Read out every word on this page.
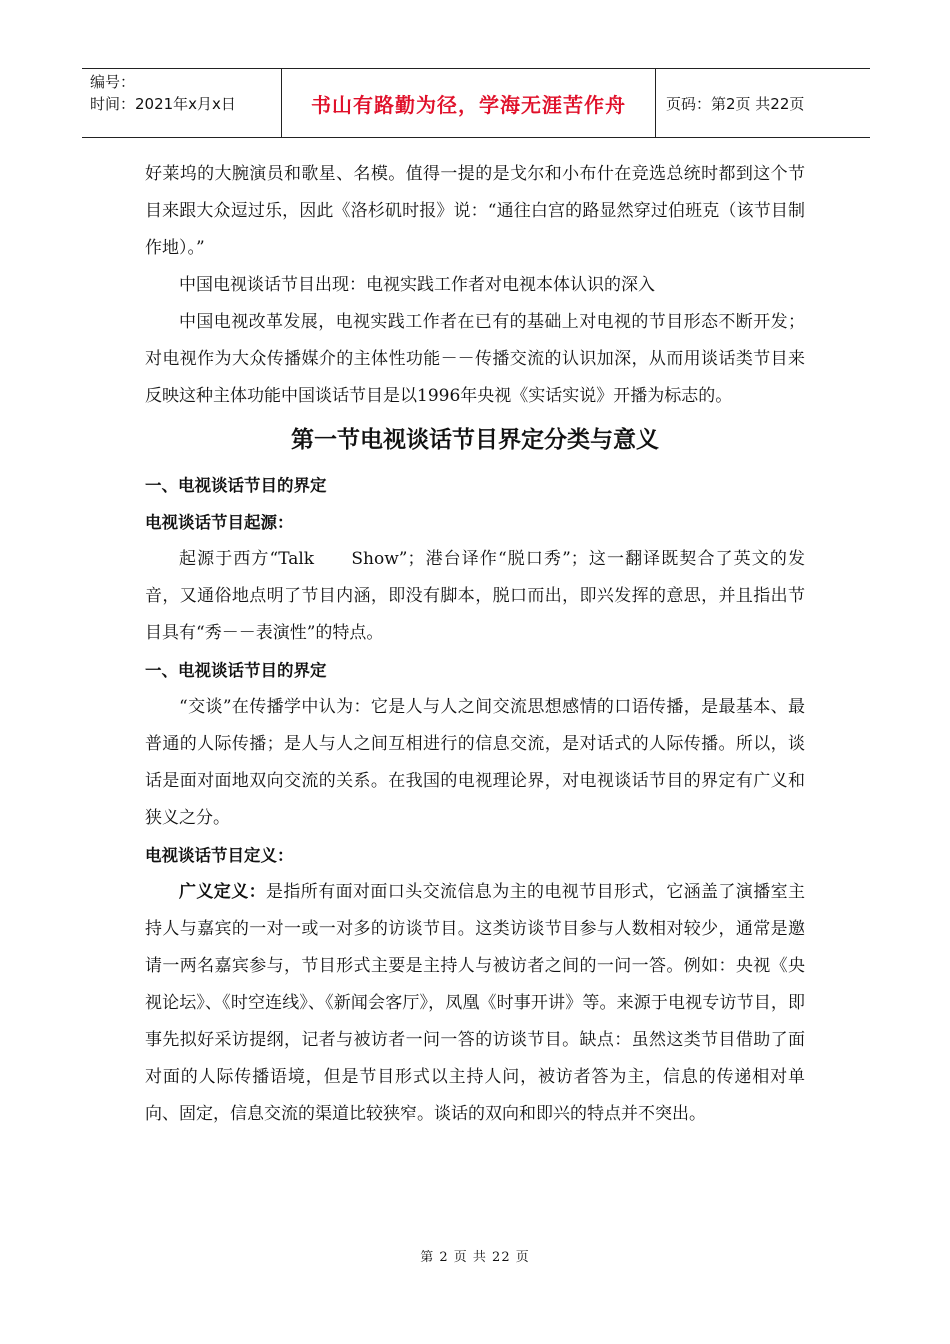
编号：
时间：2021年x月x日	书山有路勤为径，学海无涯苦作舟	页码：第2页 共22页

好莱坞的大腕演员和歌星、名模。值得一提的是戈尔和小布什在竞选总统时都到这个节目来跟大众逗过乐，因此《洛杉矶时报》说：“通往白宫的路显然穿过伯班克（该节目制作地）。”

中国电视谈话节目出现：电视实践工作者对电视本体认识的深入

中国电视改革发展，电视实践工作者在已有的基础上对电视的节目形态不断开发；对电视作为大众传播媒介的主体性功能－－传播交流的认识加深，从而用谈话类节目来反映这种主体功能中国谈话节目是以1996年央视《实话实说》开播为标志的。

第一节电视谈话节目界定分类与意义
一、电视谈话节目的界定
电视谈话节目起源：

起源于西方“Talk　　Show”；港台译作“脱口秀”；这一翻译既契合了英文的发音，又通俗地点明了节目内涵，即没有脚本，脱口而出，即兴发挥的意思，并且指出节目具有“秀－－表演性”的特点。

一、电视谈话节目的界定

“交谈”在传播学中认为：它是人与人之间交流思想感情的口语传播，是最基本、最普通的人际传播；是人与人之间互相进行的信息交流，是对话式的人际传播。所以，谈话是面对面地双向交流的关系。在我国的电视理论界，对电视谈话节目的界定有广义和狭义之分。

电视谈话节目定义：

广义定义：是指所有面对面口头交流信息为主的电视节目形式，它涵盖了演播室主持人与嘉宾的一对一或一对多的访谈节目。这类访谈节目参与人数相对较少，通常是邀请一两名嘉宾参与，节目形式主要是主持人与被访者之间的一问一答。例如：央视《央视论坛》、《时空连线》、《新闻会客厅》，凤凰《时事开讲》等。来源于电视专访节目，即事先拟好采访提纲，记者与被访者一问一答的访谈节目。缺点：虽然这类节目借助了面对面的人际传播语境，但是节目形式以主持人问，被访者答为主，信息的传递相对单向、固定，信息交流的渠道比较狭窄。谈话的双向和即兴的特点并不突出。

第 2 页 共 22 页
